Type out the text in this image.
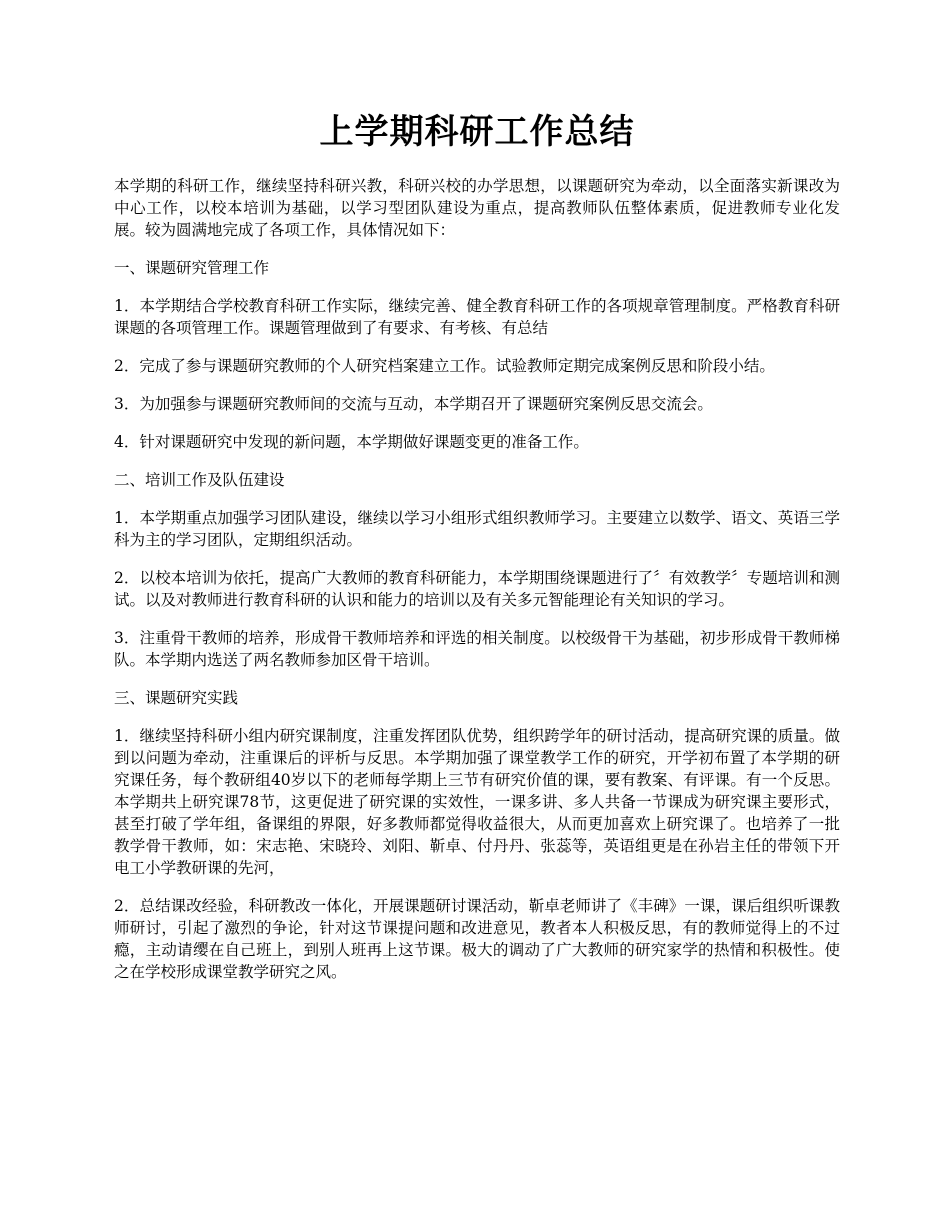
上学期科研工作总结

本学期的科研工作，继续坚持科研兴教，科研兴校的办学思想，以课题研究为牵动，以全面落实新课改为中心工作，以校本培训为基础，以学习型团队建设为重点，提高教师队伍整体素质，促进教师专业化发展。较为圆满地完成了各项工作，具体情况如下：

一、课题研究管理工作

1．本学期结合学校教育科研工作实际，继续完善、健全教育科研工作的各项规章管理制度。严格教育科研课题的各项管理工作。课题管理做到了有要求、有考核、有总结

2．完成了参与课题研究教师的个人研究档案建立工作。试验教师定期完成案例反思和阶段小结。

3．为加强参与课题研究教师间的交流与互动，本学期召开了课题研究案例反思交流会。

4．针对课题研究中发现的新问题，本学期做好课题变更的准备工作。

二、培训工作及队伍建设

1．本学期重点加强学习团队建设，继续以学习小组形式组织教师学习。主要建立以数学、语文、英语三学科为主的学习团队，定期组织活动。

2．以校本培训为依托，提高广大教师的教育科研能力，本学期围绕课题进行了〞有效教学〞专题培训和测试。以及对教师进行教育科研的认识和能力的培训以及有关多元智能理论有关知识的学习。

3．注重骨干教师的培养，形成骨干教师培养和评选的相关制度。以校级骨干为基础，初步形成骨干教师梯队。本学期内选送了两名教师参加区骨干培训。

三、课题研究实践

1．继续坚持科研小组内研究课制度，注重发挥团队优势，组织跨学年的研讨活动，提高研究课的质量。做到以问题为牵动，注重课后的评析与反思。本学期加强了课堂教学工作的研究，开学初布置了本学期的研究课任务，每个教研组40岁以下的老师每学期上三节有研究价值的课，要有教案、有评课。有一个反思。本学期共上研究课78节，这更促进了研究课的实效性，一课多讲、多人共备一节课成为研究课主要形式，甚至打破了学年组，备课组的界限，好多教师都觉得收益很大，从而更加喜欢上研究课了。也培养了一批教学骨干教师，如：宋志艳、宋晓玲、刘阳、靳卓、付丹丹、张蕊等，英语组更是在孙岩主任的带领下开电工小学教研课的先河，

2．总结课改经验，科研教改一体化，开展课题研讨课活动，靳卓老师讲了《丰碑》一课，课后组织听课教师研讨，引起了激烈的争论，针对这节课提问题和改进意见，教者本人积极反思，有的教师觉得上的不过瘾，主动请缨在自己班上，到别人班再上这节课。极大的调动了广大教师的研究家学的热情和积极性。使之在学校形成课堂教学研究之风。
